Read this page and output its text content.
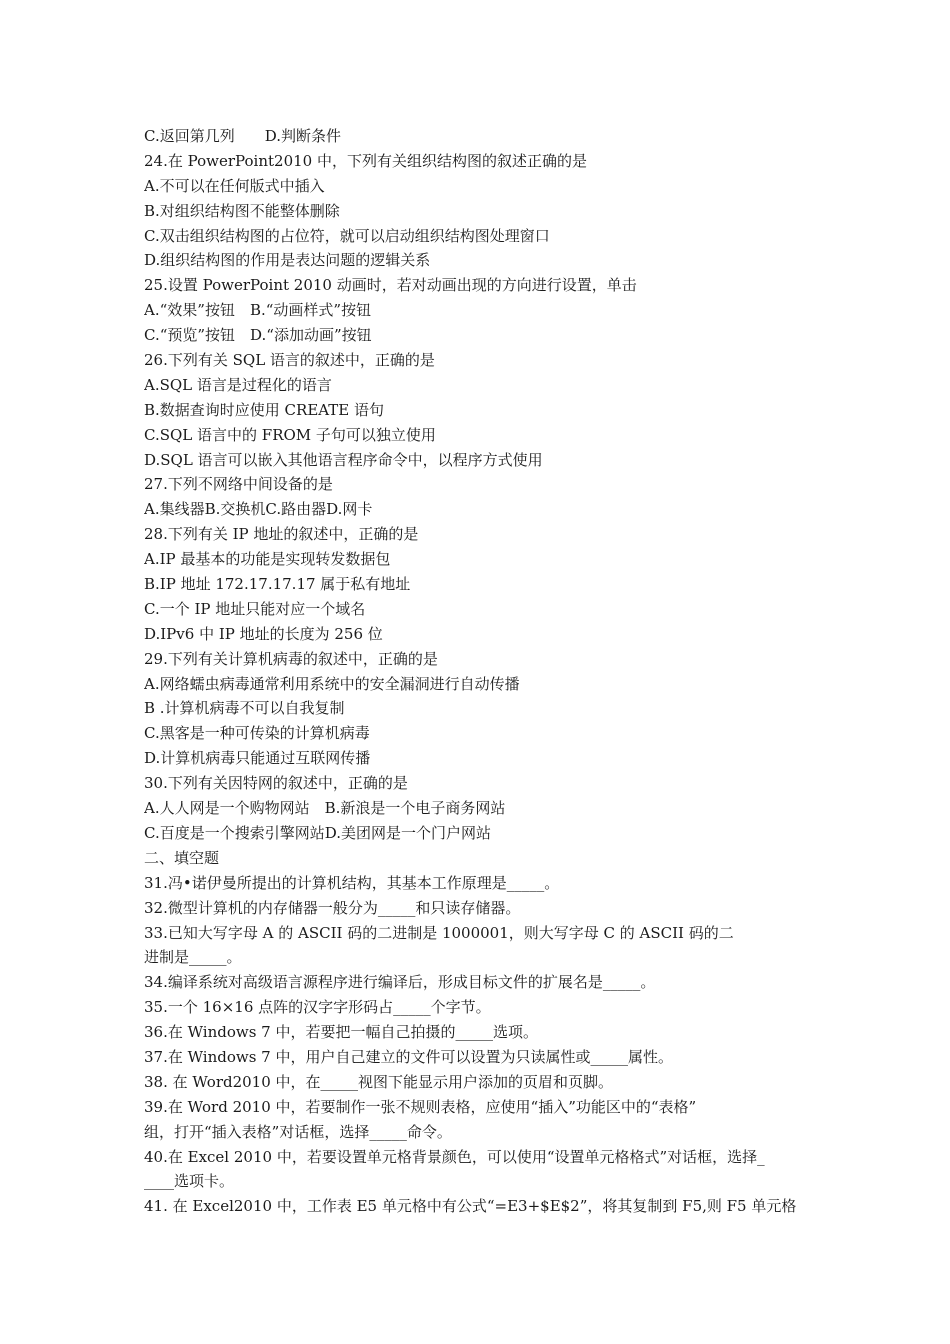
C.返回第几列　　D.判断条件
24.在 PowerPoint2010 中，下列有关组织结构图的叙述正确的是
A.不可以在任何版式中插入
B.对组织结构图不能整体删除
C.双击组织结构图的占位符，就可以启动组织结构图处理窗口
D.组织结构图的作用是表达问题的逻辑关系
25.设置 PowerPoint 2010 动画时，若对动画出现的方向进行设置，单击
A.“效果”按钮　B.“动画样式”按钮
C.“预览”按钮　D.“添加动画”按钮
26.下列有关 SQL 语言的叙述中，正确的是
A.SQL 语言是过程化的语言
B.数据查询时应使用 CREATE 语句
C.SQL 语言中的 FROM 子句可以独立使用
D.SQL 语言可以嵌入其他语言程序命令中，以程序方式使用
27.下列不网络中间设备的是
A.集线器B.交换机C.路由器D.网卡
28.下列有关 IP 地址的叙述中，正确的是
A.IP 最基本的功能是实现转发数据包
B.IP 地址 172.17.17.17 属于私有地址
C.一个 IP 地址只能对应一个域名
D.IPv6 中 IP 地址的长度为 256 位
29.下列有关计算机病毒的叙述中，正确的是
A.网络蠕虫病毒通常利用系统中的安全漏洞进行自动传播
B .计算机病毒不可以自我复制
C.黑客是一种可传染的计算机病毒
D.计算机病毒只能通过互联网传播
30.下列有关因特网的叙述中，正确的是
A.人人网是一个购物网站　B.新浪是一个电子商务网站
C.百度是一个搜索引擎网站D.美团网是一个门户网站
二、填空题
31.冯•诺伊曼所提出的计算机结构，其基本工作原理是_____。
32.微型计算机的内存储器一般分为_____和只读存储器。
33.已知大写字母 A 的 ASCII 码的二进制是 1000001，则大写字母 C 的 ASCII 码的二
进制是_____。
34.编译系统对高级语言源程序进行编译后，形成目标文件的扩展名是_____。
35.一个 16×16 点阵的汉字字形码占_____个字节。
36.在 Windows 7 中，若要把一幅自己拍摄的_____选项。
37.在 Windows 7 中，用户自己建立的文件可以设置为只读属性或_____属性。
38. 在 Word2010 中，在_____视图下能显示用户添加的页眉和页脚。
39.在 Word 2010 中，若要制作一张不规则表格，应使用“插入”功能区中的“表格”
组，打开“插入表格”对话框，选择_____命令。
40.在 Excel 2010 中，若要设置单元格背景颜色，可以使用“设置单元格格式”对话框，选择_
____选项卡。
41. 在 Excel2010 中，工作表 E5 单元格中有公式“=E3+$E$2”，将其复制到 F5,则 F5 单元格
